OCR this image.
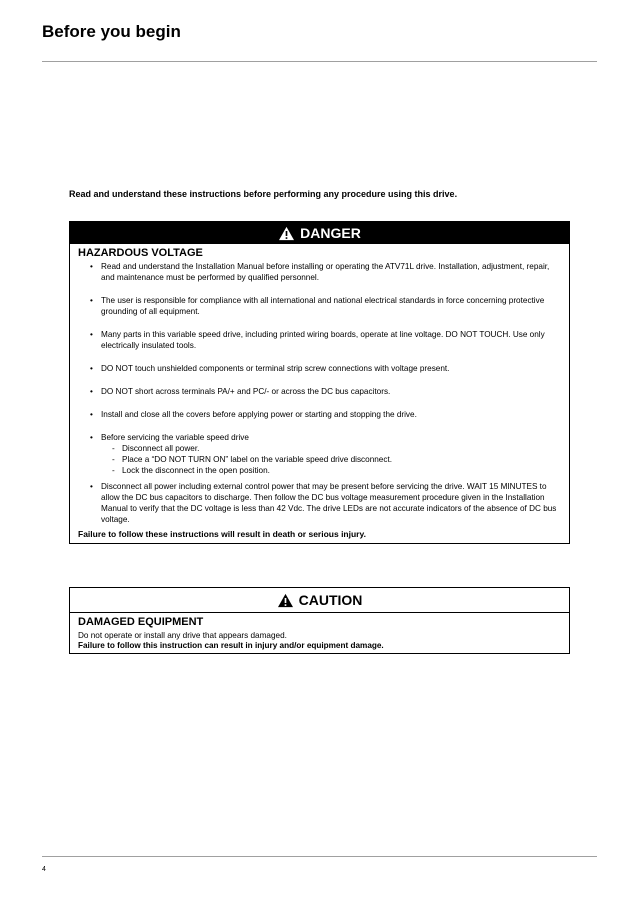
Before you begin
Read and understand these instructions before performing any procedure using this drive.
DANGER
HAZARDOUS VOLTAGE
• Read and understand the Installation Manual before installing or operating the ATV71L drive. Installation, adjustment, repair, and maintenance must be performed by qualified personnel.
• The user is responsible for compliance with all international and national electrical standards in force concerning protective grounding of all equipment.
• Many parts in this variable speed drive, including printed wiring boards, operate at line voltage. DO NOT TOUCH. Use only electrically insulated tools.
• DO NOT touch unshielded components or terminal strip screw connections with voltage present.
• DO NOT short across terminals PA/+ and PC/- or across the DC bus capacitors.
• Install and close all the covers before applying power or starting and stopping the drive.
• Before servicing the variable speed drive
- Disconnect all power.
- Place a “DO NOT TURN ON” label on the variable speed drive disconnect.
- Lock the disconnect in the open position.
• Disconnect all power including external control power that may be present before servicing the drive. WAIT 15 MINUTES to allow the DC bus capacitors to discharge. Then follow the DC bus voltage measurement procedure given in the Installation Manual to verify that the DC voltage is less than 42 Vdc. The drive LEDs are not accurate indicators of the absence of DC bus voltage.
Failure to follow these instructions will result in death or serious injury.
CAUTION
DAMAGED EQUIPMENT
Do not operate or install any drive that appears damaged.
Failure to follow this instruction can result in injury and/or equipment damage.
4
